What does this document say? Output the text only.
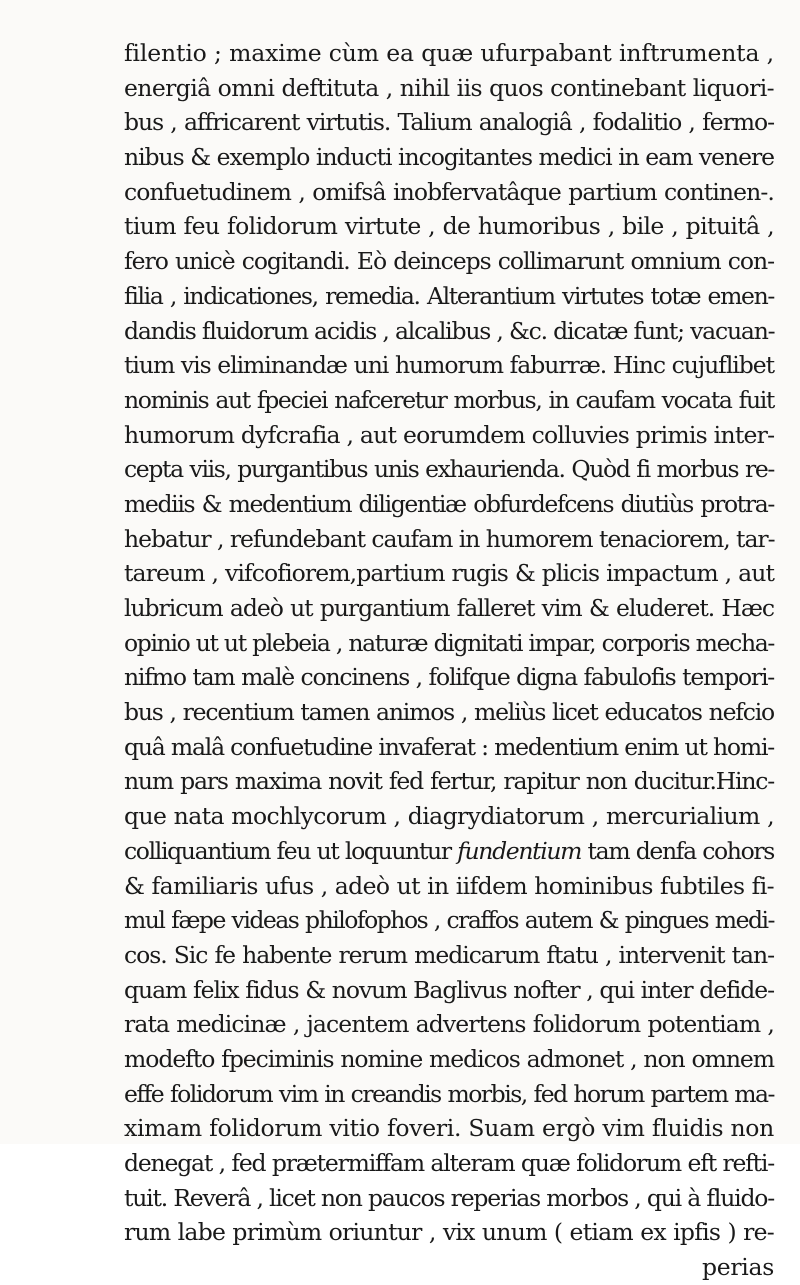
filentio ; maxime cùm ea quæ ufurpabant inftrumenta ,
energiâ omni deftituta , nihil iis quos continebant liquori-
bus , affricarent virtutis. Talium analogiâ , fodalitio , fermo-
nibus & exemplo inducti incogitantes medici in eam venere
confuetudinem , omifsâ inobfervatâque partium continen-.
tium feu folidorum virtute , de humoribus , bile , pituitâ ,
fero unicè cogitandi. Eò deinceps collimarunt omnium con-
filia , indicationes, remedia. Alterantium virtutes totæ emen-
dandis fluidorum acidis , alcalibus , &c. dicatæ funt; vacuan-
tium vis eliminandæ uni humorum faburræ. Hinc cujuflibet
nominis aut fpeciei nafceretur morbus, in caufam vocata fuit
humorum dyfcrafia , aut eorumdem colluvies primis inter-
cepta viis, purgantibus unis exhaurienda. Quòd fi morbus re-
mediis & medentium diligentiæ obfurdefcens diutiùs protra-
hebatur , refundebant caufam in humorem tenaciorem, tar-
tareum , vifcofiorem,partium rugis & plicis impactum , aut
lubricum adeò ut purgantium falleret vim & eluderet. Hæc
opinio ut ut plebeia , naturæ dignitati impar, corporis mecha-
nifmo tam malè concinens , folifque digna fabulofis tempori-
bus , recentium tamen animos , meliùs licet educatos nefcio
quâ malâ confuetudine invaferat : medentium enim ut homi-
num pars maxima novit fed fertur, rapitur non ducitur.Hinc-
que nata mochlycorum , diagrydiatorum , mercurialium ,
colliquantium feu ut loquuntur fundentium tam denfa cohors
& familiaris ufus , adeò ut in iifdem hominibus fubtiles fi-
mul fæpe videas philofophos , craffos autem & pingues medi-
cos. Sic fe habente rerum medicarum ftatu , intervenit tan-
quam felix fidus & novum Baglivus nofter , qui inter defide-
rata medicinæ , jacentem advertens folidorum potentiam ,
modefto fpeciminis nomine medicos admonet , non omnem
effe folidorum vim in creandis morbis, fed horum partem ma-
ximam folidorum vitio foveri. Suam ergò vim fluidis non
denegat , fed prætermiffam alteram quæ folidorum eft refti-
tuit. Reverâ , licet non paucos reperias morbos , qui à fluido-
rum labe primùm oriuntur , vix unum ( etiam ex ipfis ) re-
perias
